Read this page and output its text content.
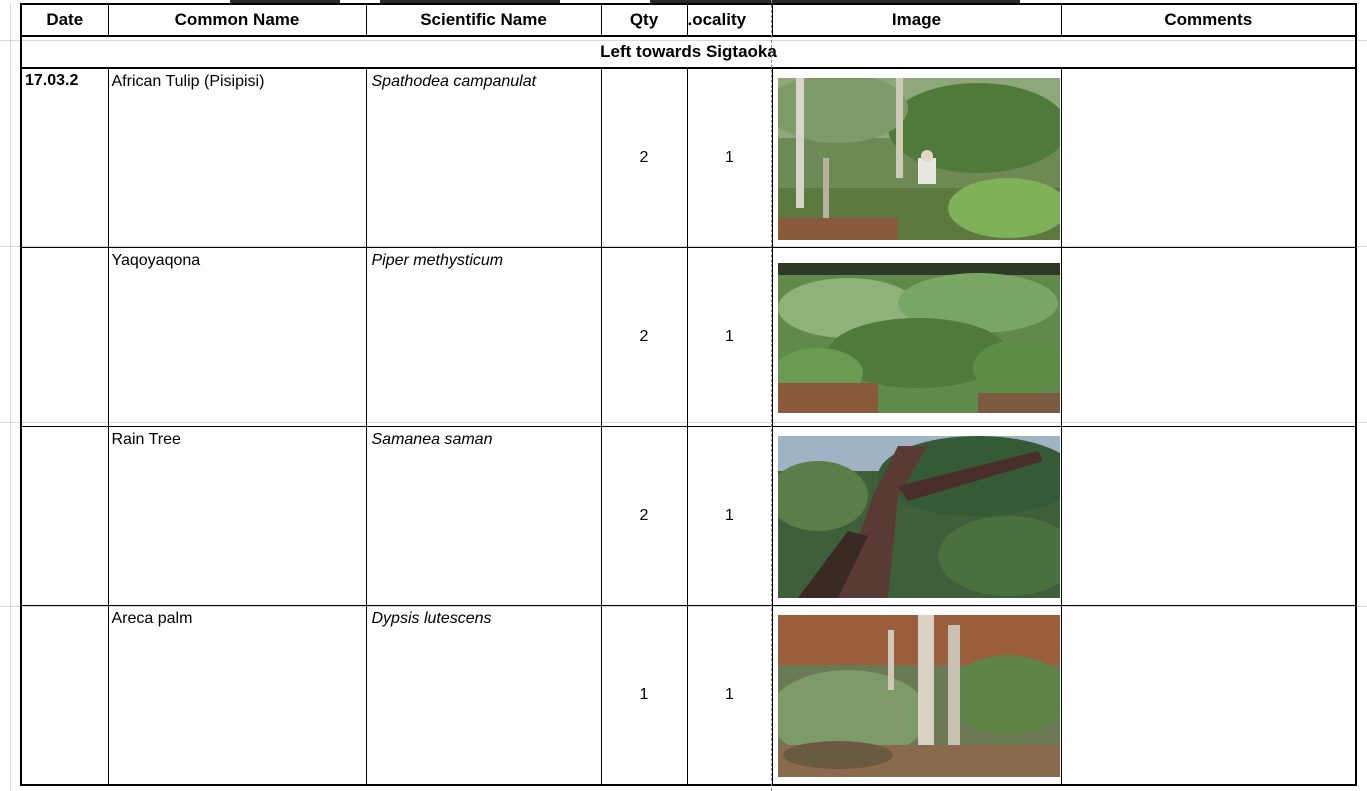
Date	Common Name	Scientific Name	Qty	.ocality	Image	Comments
Left towards Sigtaoka						
17.03.2	African Tulip (Pisipisi)	Spathodea campanulat	2	1	

	Yaqoyaqona	Piper methysticum	2	1	

	Rain Tree	Samanea saman	2	1	

	Areca palm	Dypsis lutescens	1	1	
